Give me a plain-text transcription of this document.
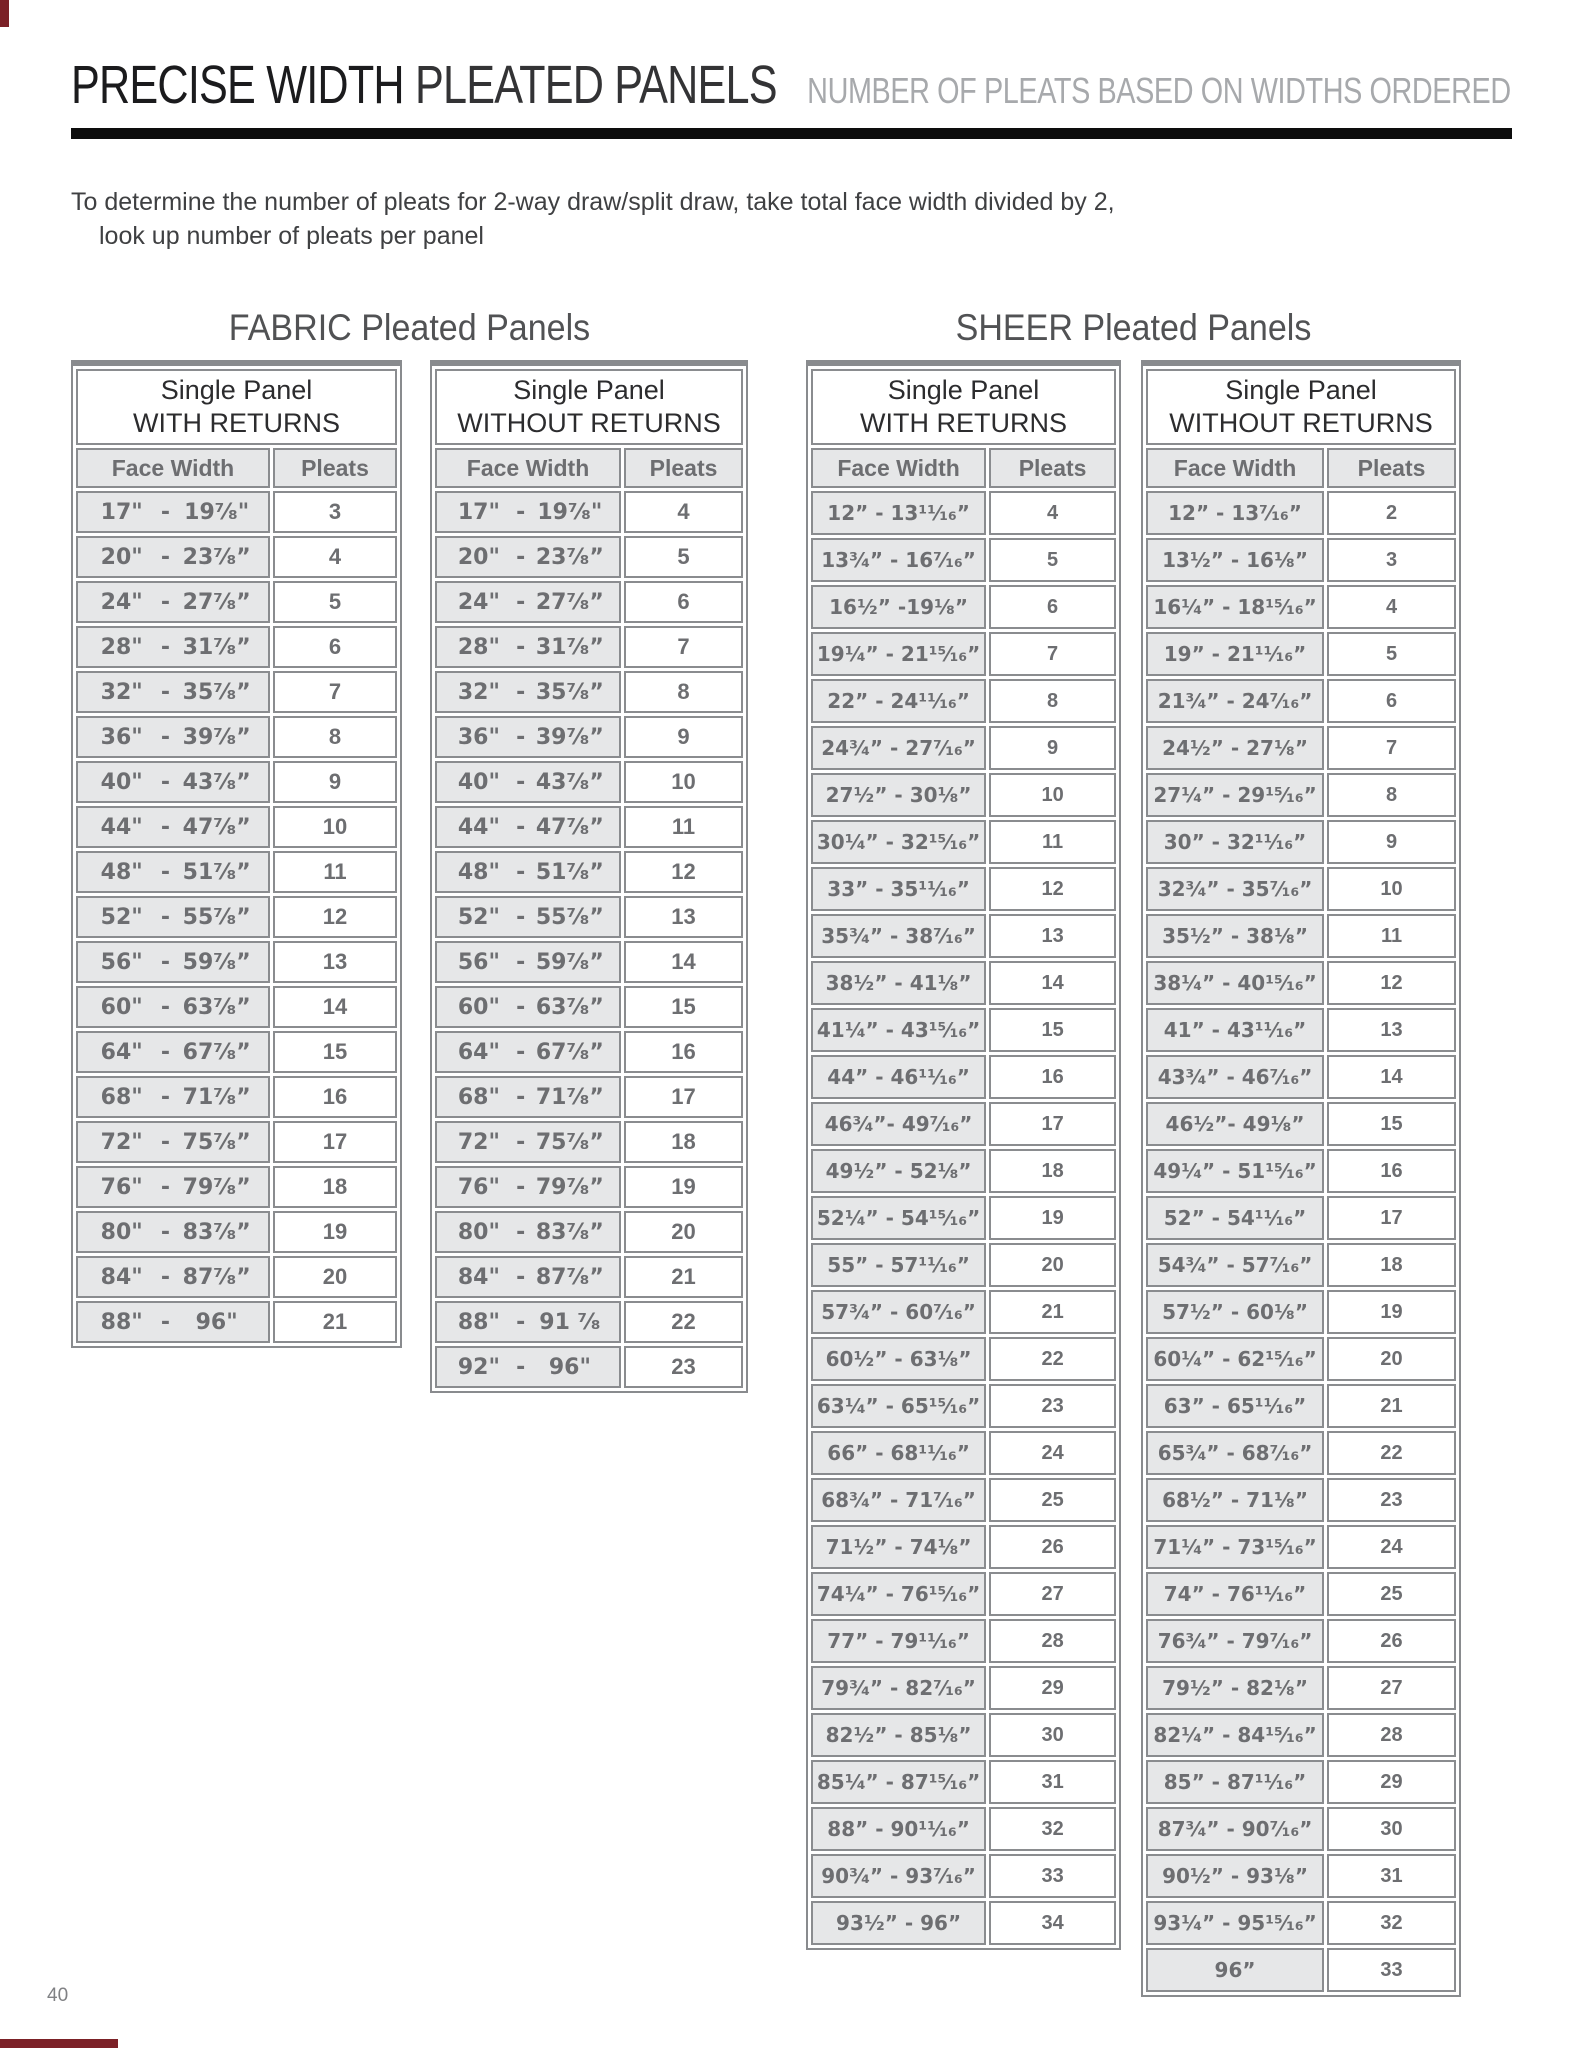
PRECISE WIDTH PLEATED PANELS NUMBER OF PLEATS BASED ON WIDTHS ORDERED
To determine the number of pleats for 2-way draw/split draw, take total face width divided by 2,
look up number of pleats per panel
FABRIC Pleated Panels
Single Panel
WITH RETURNS	
Face Width	Pleats

17" - 19⁷⁄₈"	3

20" - 23⁷⁄₈”	4

24" - 27⁷⁄₈”	5

28" - 31⁷⁄₈”	6

32" - 35⁷⁄₈”	7

36" - 39⁷⁄₈”	8

40" - 43⁷⁄₈”	9

44" - 47⁷⁄₈”	10

48" - 51⁷⁄₈”	11

52" - 55⁷⁄₈”	12

56" - 59⁷⁄₈”	13

60" - 63⁷⁄₈”	14

64" - 67⁷⁄₈”	15

68" - 71⁷⁄₈”	16

72" - 75⁷⁄₈”	17

76" - 79⁷⁄₈”	18

80" - 83⁷⁄₈”	19

84" - 87⁷⁄₈”	20

88" - 96"	21
Single Panel
WITHOUT RETURNS	
Face Width	Pleats

17" - 19⁷⁄₈"	4

20" - 23⁷⁄₈”	5

24" - 27⁷⁄₈”	6

28" - 31⁷⁄₈”	7

32" - 35⁷⁄₈”	8

36" - 39⁷⁄₈”	9

40" - 43⁷⁄₈”	10

44" - 47⁷⁄₈”	11

48" - 51⁷⁄₈”	12

52" - 55⁷⁄₈”	13

56" - 59⁷⁄₈”	14

60" - 63⁷⁄₈”	15

64" - 67⁷⁄₈”	16

68" - 71⁷⁄₈”	17

72" - 75⁷⁄₈”	18

76" - 79⁷⁄₈”	19

80" - 83⁷⁄₈”	20

84" - 87⁷⁄₈”	21

88" - 91 ⁷⁄₈	22

92" - 96"	23
SHEER Pleated Panels
Single Panel
WITH RETURNS	
Face Width	Pleats
12” - 13¹¹⁄₁₆”	4
13³⁄₄” - 16⁷⁄₁₆”	5
16¹⁄₂” -19¹⁄₈”	6
19¹⁄₄” - 21¹⁵⁄₁₆”	7
22” - 24¹¹⁄₁₆”	8
24³⁄₄” - 27⁷⁄₁₆”	9
27¹⁄₂” - 30¹⁄₈”	10
30¹⁄₄” - 32¹⁵⁄₁₆”	11
33” - 35¹¹⁄₁₆”	12
35³⁄₄” - 38⁷⁄₁₆”	13
38¹⁄₂” - 41¹⁄₈”	14
41¹⁄₄” - 43¹⁵⁄₁₆”	15
44” - 46¹¹⁄₁₆”	16
46³⁄₄”- 49⁷⁄₁₆”	17
49¹⁄₂” - 52¹⁄₈”	18
52¹⁄₄” - 54¹⁵⁄₁₆”	19
55” - 57¹¹⁄₁₆”	20
57³⁄₄” - 60⁷⁄₁₆”	21
60¹⁄₂” - 63¹⁄₈”	22
63¹⁄₄” - 65¹⁵⁄₁₆”	23
66” - 68¹¹⁄₁₆”	24
68³⁄₄” - 71⁷⁄₁₆”	25
71¹⁄₂” - 74¹⁄₈”	26
74¹⁄₄” - 76¹⁵⁄₁₆”	27
77” - 79¹¹⁄₁₆”	28
79³⁄₄” - 82⁷⁄₁₆”	29
82¹⁄₂” - 85¹⁄₈”	30
85¹⁄₄” - 87¹⁵⁄₁₆”	31
88” - 90¹¹⁄₁₆”	32
90³⁄₄” - 93⁷⁄₁₆”	33
93¹⁄₂” - 96”	34
Single Panel
WITHOUT RETURNS	
Face Width	Pleats
12” - 13⁷⁄₁₆”	2
13¹⁄₂” - 16¹⁄₈”	3
16¹⁄₄” - 18¹⁵⁄₁₆”	4
19” - 21¹¹⁄₁₆”	5
21³⁄₄” - 24⁷⁄₁₆”	6
24¹⁄₂” - 27¹⁄₈”	7
27¹⁄₄” - 29¹⁵⁄₁₆”	8
30” - 32¹¹⁄₁₆”	9
32³⁄₄” - 35⁷⁄₁₆”	10
35¹⁄₂” - 38¹⁄₈”	11
38¹⁄₄” - 40¹⁵⁄₁₆”	12
41” - 43¹¹⁄₁₆”	13
43³⁄₄” - 46⁷⁄₁₆”	14
46¹⁄₂”- 49¹⁄₈”	15
49¹⁄₄” - 51¹⁵⁄₁₆”	16
52” - 54¹¹⁄₁₆”	17
54³⁄₄” - 57⁷⁄₁₆”	18
57¹⁄₂” - 60¹⁄₈”	19
60¹⁄₄” - 62¹⁵⁄₁₆”	20
63” - 65¹¹⁄₁₆”	21
65³⁄₄” - 68⁷⁄₁₆”	22
68¹⁄₂” - 71¹⁄₈”	23
71¹⁄₄” - 73¹⁵⁄₁₆”	24
74” - 76¹¹⁄₁₆”	25
76³⁄₄” - 79⁷⁄₁₆”	26
79¹⁄₂” - 82¹⁄₈”	27
82¹⁄₄” - 84¹⁵⁄₁₆”	28
85” - 87¹¹⁄₁₆”	29
87³⁄₄” - 90⁷⁄₁₆”	30
90¹⁄₂” - 93¹⁄₈”	31
93¹⁄₄” - 95¹⁵⁄₁₆”	32
96”	33
40
